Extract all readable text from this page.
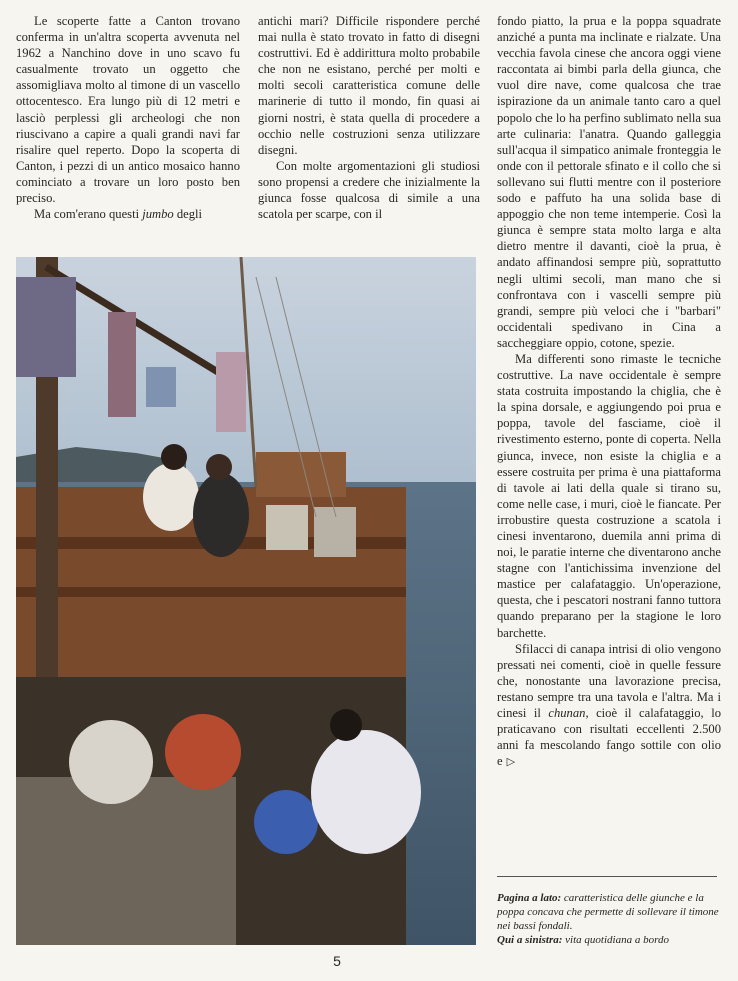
Le scoperte fatte a Canton trovano conferma in un'altra scoperta avvenuta nel 1962 a Nanchino dove in uno scavo fu casualmente trovato un oggetto che assomigliava molto al timone di un vascello ottocentesco. Era lungo più di 12 metri e lasciò perplessi gli archeologi che non riuscivano a capire a quali grandi navi far risalire quel reperto. Dopo la scoperta di Canton, i pezzi di un antico mosaico hanno cominciato a trovare un loro posto ben preciso.

Ma com'erano questi jumbo degli

antichi mari? Difficile rispondere perché mai nulla è stato trovato in fatto di disegni costruttivi. Ed è addirittura molto probabile che non ne esistano, perché per molti e molti secoli caratteristica comune delle marinerie di tutto il mondo, fin quasi ai giorni nostri, è stata quella di procedere a occhio nelle costruzioni senza utilizzare disegni.

Con molte argomentazioni gli studiosi sono propensi a credere che inizialmente la giunca fosse qualcosa di simile a una scatola per scarpe, con il

fondo piatto, la prua e la poppa squadrate anziché a punta ma inclinate e rialzate. Una vecchia favola cinese che ancora oggi viene raccontata ai bimbi parla della giunca, che vuol dire nave, come qualcosa che trae ispirazione da un animale tanto caro a quel popolo che lo ha perfino sublimato nella sua arte culinaria: l'anatra. Quando galleggia sull'acqua il simpatico animale fronteggia le onde con il pettorale sfinato e il collo che si sollevano sui flutti mentre con il posteriore sodo e paffuto ha una solida base di appoggio che non teme intemperie. Così la giunca è sempre stata molto larga e alta dietro mentre il davanti, cioè la prua, è andato affinandosi sempre più, soprattutto negli ultimi secoli, man mano che si confrontava con i vascelli sempre più grandi, sempre più veloci che i "barbari" occidentali spedivano in Cina a saccheggiare oppio, cotone, spezie.

Ma differenti sono rimaste le tecniche costruttive. La nave occidentale è sempre stata costruita impostando la chiglia, che è la spina dorsale, e aggiungendo poi prua e poppa, tavole del fasciame, cioè il rivestimento esterno, ponte di coperta. Nella giunca, invece, non esiste la chiglia e a essere costruita per prima è una piattaforma di tavole ai lati della quale si tirano su, come nelle case, i muri, cioè le fiancate. Per irrobustire questa costruzione a scatola i cinesi inventarono, duemila anni prima di noi, le paratie interne che diventarono anche stagne con l'antichissima invenzione del mastice per calafataggio. Un'operazione, questa, che i pescatori nostrani fanno tuttora quando preparano per la stagione le loro barchette.

Sfilacci di canapa intrisi di olio vengono pressati nei comenti, cioè in quelle fessure che, nonostante una lavorazione precisa, restano sempre tra una tavola e l'altra. Ma i cinesi il chunan, cioè il calafataggio, lo praticavano con risultati eccellenti 2.500 anni fa mescolando fango sottile con olio e ▷

Pagina a lato: caratteristica delle giunche e la poppa concava che permette di sollevare il timone nei bassi fondali.
Qui a sinistra: vita quotidiana a bordo
5
